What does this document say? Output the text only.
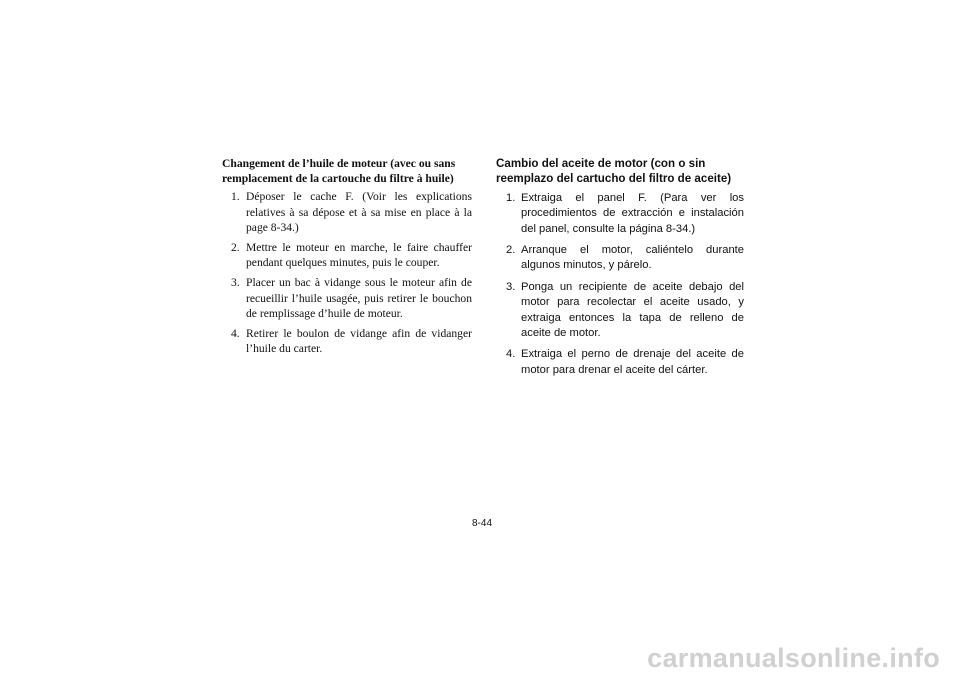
Changement de l’huile de moteur (avec ou sans remplacement de la cartouche du filtre à huile)
1. Déposer le cache F. (Voir les explications relatives à sa dépose et à sa mise en place à la page 8-34.)
2. Mettre le moteur en marche, le faire chauffer pendant quelques minutes, puis le couper.
3. Placer un bac à vidange sous le moteur afin de recueillir l’huile usagée, puis retirer le bouchon de remplissage d’huile de moteur.
4. Retirer le boulon de vidange afin de vidanger l’huile du carter.
Cambio del aceite de motor (con o sin reemplazo del cartucho del filtro de aceite)
1. Extraiga el panel F. (Para ver los procedimientos de extracción e instalación del panel, consulte la página 8-34.)
2. Arranque el motor, caliéntelo durante algunos minutos, y párelo.
3. Ponga un recipiente de aceite debajo del motor para recolectar el aceite usado, y extraiga entonces la tapa de relleno de aceite de motor.
4. Extraiga el perno de drenaje del aceite de motor para drenar el aceite del cárter.
8-44
carmanualsonline.info
